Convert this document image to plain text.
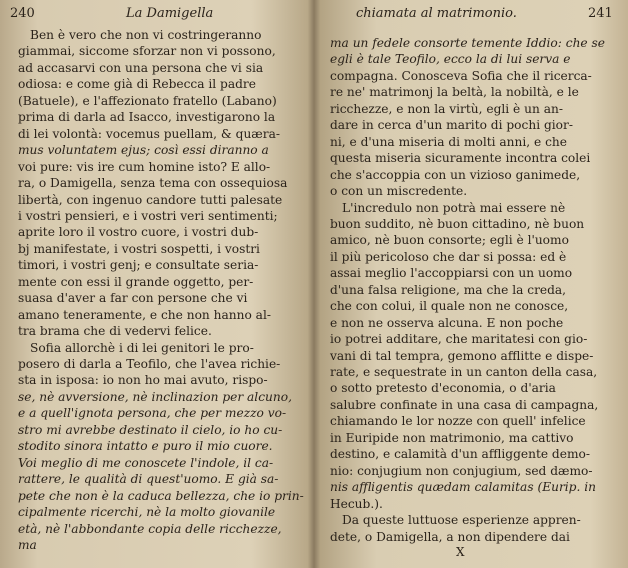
240	La Damigella
Ben è vero che non vi costringeranno
giammai, siccome sforzar non vi possono,
ad accasarvi con una persona che vi sia
odiosa: e come già di Rebecca il padre
(Batuele), e l'affezionato fratello (Labano)
prima di darla ad Isacco, investigarono la
di lei volontà: vocemus puellam, & quæra-
mus voluntatem ejus; così essi diranno a
voi pure: vis ire cum homine isto? E allo-
ra, o Damigella, senza tema con ossequiosa
libertà, con ingenuo candore tutti palesate
i vostri pensieri, e i vostri veri sentimenti;
aprite loro il vostro cuore, i vostri dub-
bj manifestate, i vostri sospetti, i vostri
timori, i vostri genj; e consultate seria-
mente con essi il grande oggetto, per-
suasa d'aver a far con persone che vi
amano teneramente, e che non hanno al-
tra brama che di vedervi felice.
Sofia allorchè i di lei genitori le pro-
posero di darla a Teofilo, che l'avea richie-
sta in isposa: io non ho mai avuto, rispo-
se, nè avversione, nè inclinazion per alcuno,
e a quell'ignota persona, che per mezzo vo-
stro mi avrebbe destinato il cielo, io ho cu-
stodito sinora intatto e puro il mio cuore.
Voi meglio di me conoscete l'indole, il ca-
rattere, le qualità di quest'uomo. E già sa-
pete che non è la caduca bellezza, che io prin-
cipalmente ricerchi, nè la molto giovanile
età, nè l'abbondante copia delle ricchezze,
ma
chiamata al matrimonio.	241
ma un fedele consorte temente Iddio: che se
egli è tale Teofilo, ecco la di lui serva e
compagna. Conosceva Sofia che il ricerca-
re ne' matrimonj la beltà, la nobiltà, e le
ricchezze, e non la virtù, egli è un an-
dare in cerca d'un marito di pochi gior-
ni, e d'una miseria di molti anni, e che
questa miseria sicuramente incontra colei
che s'accoppia con un vizioso ganimede,
o con un miscredente.
L'incredulo non potrà mai essere nè
buon suddito, nè buon cittadino, nè buon
amico, nè buon consorte; egli è l'uomo
il più pericoloso che dar si possa: ed è
assai meglio l'accoppiarsi con un uomo
d'una falsa religione, ma che la creda,
che con colui, il quale non ne conosce,
e non ne osserva alcuna. E non poche
io potrei additare, che maritatesi con gio-
vani di tal tempra, gemono afflitte e dispe-
rate, e sequestrate in un canton della casa,
o sotto pretesto d'economia, o d'aria
salubre confinate in una casa di campagna,
chiamando le lor nozze con quell' infelice
in Euripide non matrimonio, ma cattivo
destino, e calamità d'un affliggente demo-
nio: conjugium non conjugium, sed dæmo-
nis affligentis quædam calamitas (Eurip. in
Hecub.).
Da queste luttuose esperienze appren-
dete, o Damigella, a non dipendere dai
X
